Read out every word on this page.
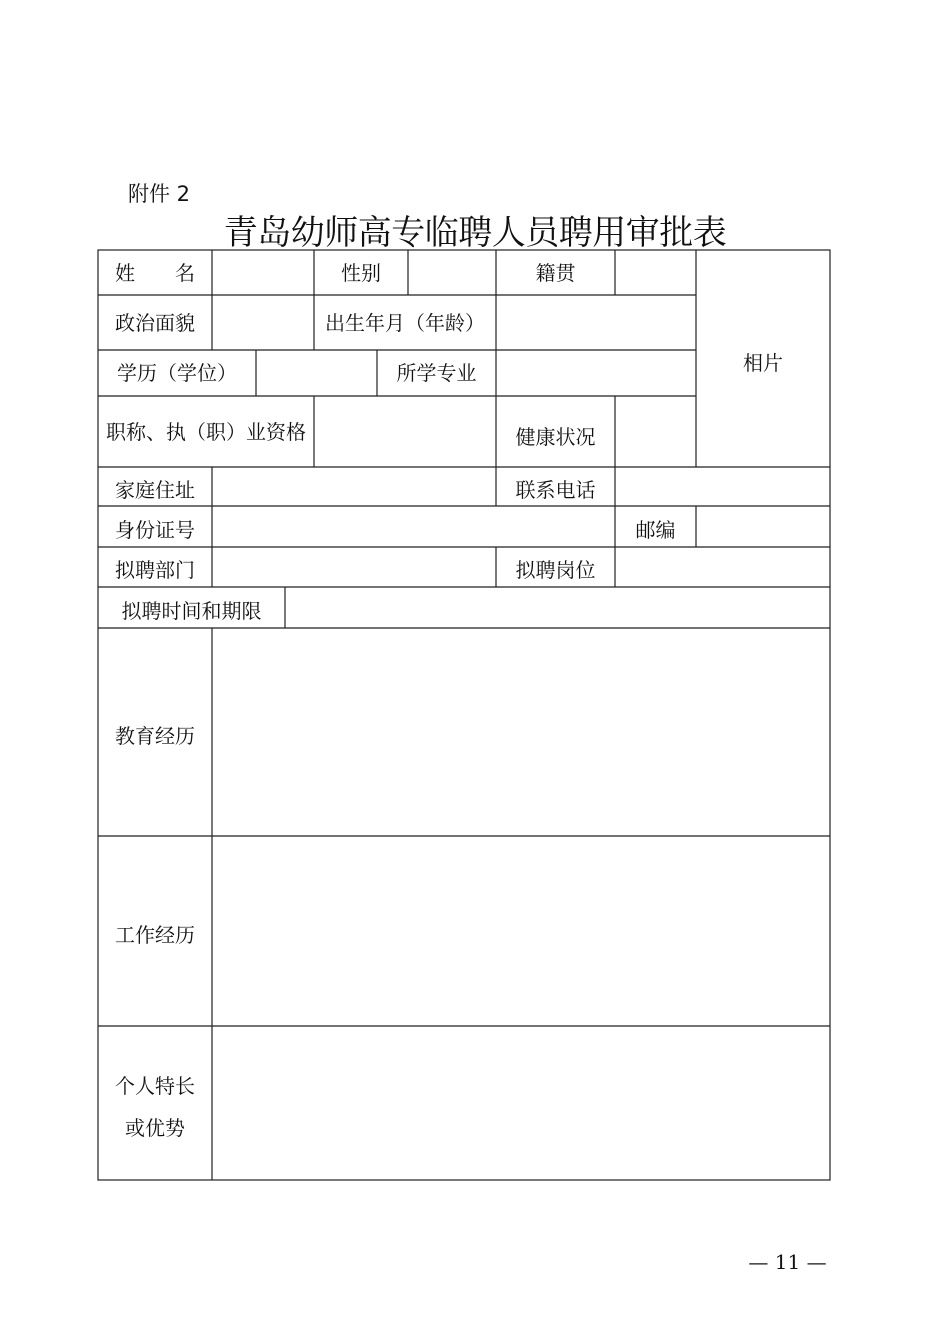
附件 2
青岛幼师高专临聘人员聘用审批表
姓　　名	性别	籍贯
相片
政治面貌	出生年月（年龄）
学历（学位）	所学专业
职称、执（职）业资格	健康状况
家庭住址	联系电话
身份证号	邮编
拟聘部门	拟聘岗位
拟聘时间和期限
教育经历
工作经历
个人特长
或优势
— 11 —
